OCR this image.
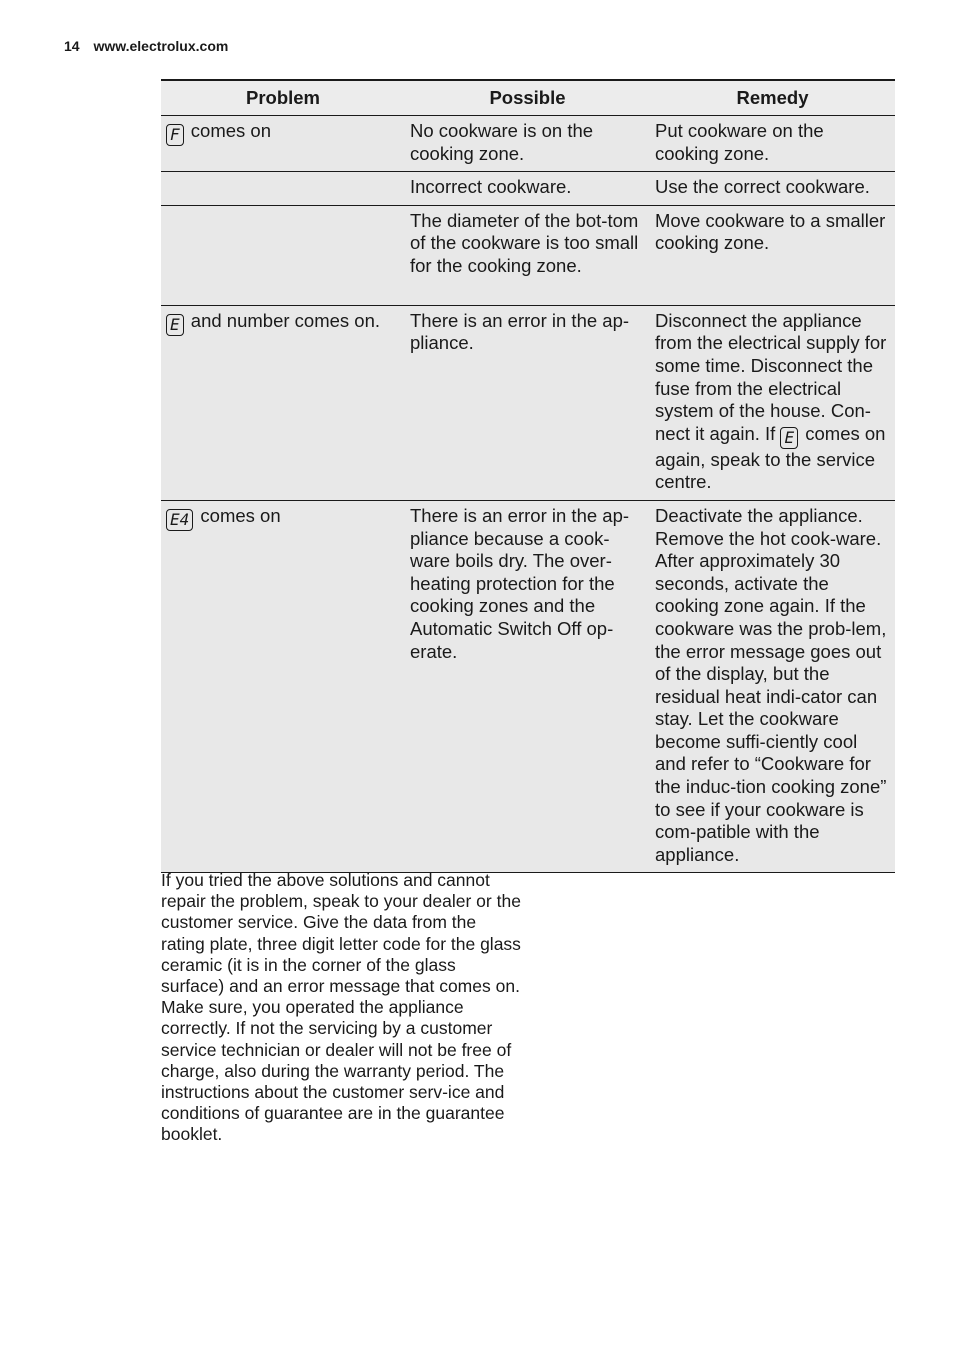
14 www.electrolux.com
Problem	Possible	Remedy
F comes on	No cookware is on the cooking zone.	Put cookware on the cooking zone.
	Incorrect cookware.	Use the correct cookware.
	The diameter of the bot-tom of the cookware is too small for the cooking zone.	Move cookware to a smaller cooking zone.
E and number comes on.	There is an error in the ap-pliance.	Disconnect the appliance from the electrical supply for some time. Disconnect the fuse from the electrical system of the house. Con-nect it again. If E comes on again, speak to the service centre.
E4 comes on	There is an error in the ap-pliance because a cook-ware boils dry. The over-heating protection for the cooking zones and the Automatic Switch Off op-erate.	Deactivate the appliance. Remove the hot cook-ware. After approximately 30 seconds, activate the cooking zone again. If the cookware was the prob-lem, the error message goes out of the display, but the residual heat indi-cator can stay. Let the cookware become suffi-ciently cool and refer to “Cookware for the induc-tion cooking zone” to see if your cookware is com-patible with the appliance.

If you tried the above solutions and cannot repair the problem, speak to your dealer or the customer service. Give the data from the rating plate, three digit letter code for the glass ceramic (it is in the corner of the glass surface) and an error message that comes on.

Make sure, you operated the appliance correctly. If not the servicing by a customer service technician or dealer will not be free of charge, also during the warranty period. The instructions about the customer serv-ice and conditions of guarantee are in the guarantee booklet.
